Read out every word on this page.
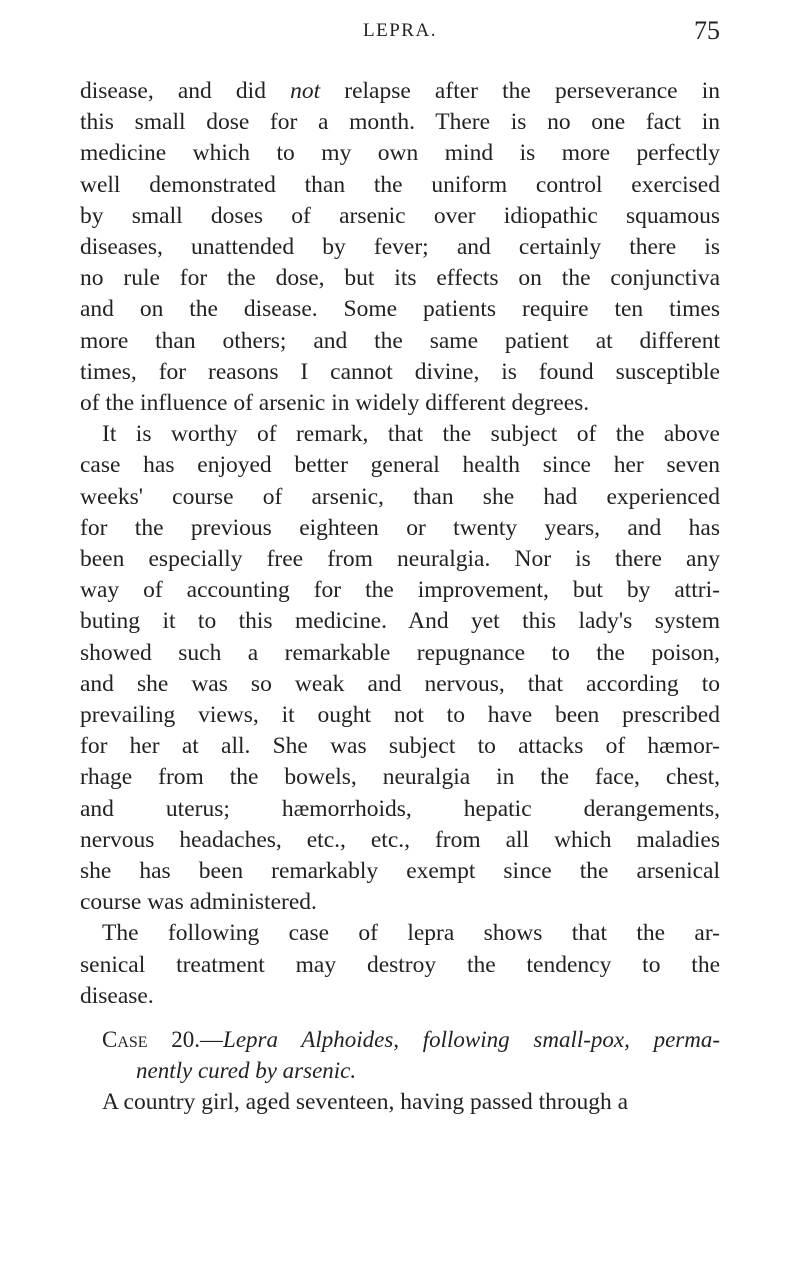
LEPRA.	75
disease, and did not relapse after the perseverance in
this small dose for a month. There is no one fact in
medicine which to my own mind is more perfectly
well demonstrated than the uniform control exercised
by small doses of arsenic over idiopathic squamous
diseases, unattended by fever; and certainly there is
no rule for the dose, but its effects on the conjunctiva
and on the disease. Some patients require ten times
more than others; and the same patient at different
times, for reasons I cannot divine, is found susceptible
of the influence of arsenic in widely different degrees.
It is worthy of remark, that the subject of the above
case has enjoyed better general health since her seven
weeks' course of arsenic, than she had experienced
for the previous eighteen or twenty years, and has
been especially free from neuralgia. Nor is there any
way of accounting for the improvement, but by attri-
buting it to this medicine. And yet this lady's system
showed such a remarkable repugnance to the poison,
and she was so weak and nervous, that according to
prevailing views, it ought not to have been prescribed
for her at all. She was subject to attacks of hæmor-
rhage from the bowels, neuralgia in the face, chest,
and uterus; hæmorrhoids, hepatic derangements,
nervous headaches, etc., etc., from all which maladies
she has been remarkably exempt since the arsenical
course was administered.
The following case of lepra shows that the ar-
senical treatment may destroy the tendency to the
disease.
Case 20.—Lepra Alphoides, following small-pox, perma-
nently cured by arsenic.
A country girl, aged seventeen, having passed through a
